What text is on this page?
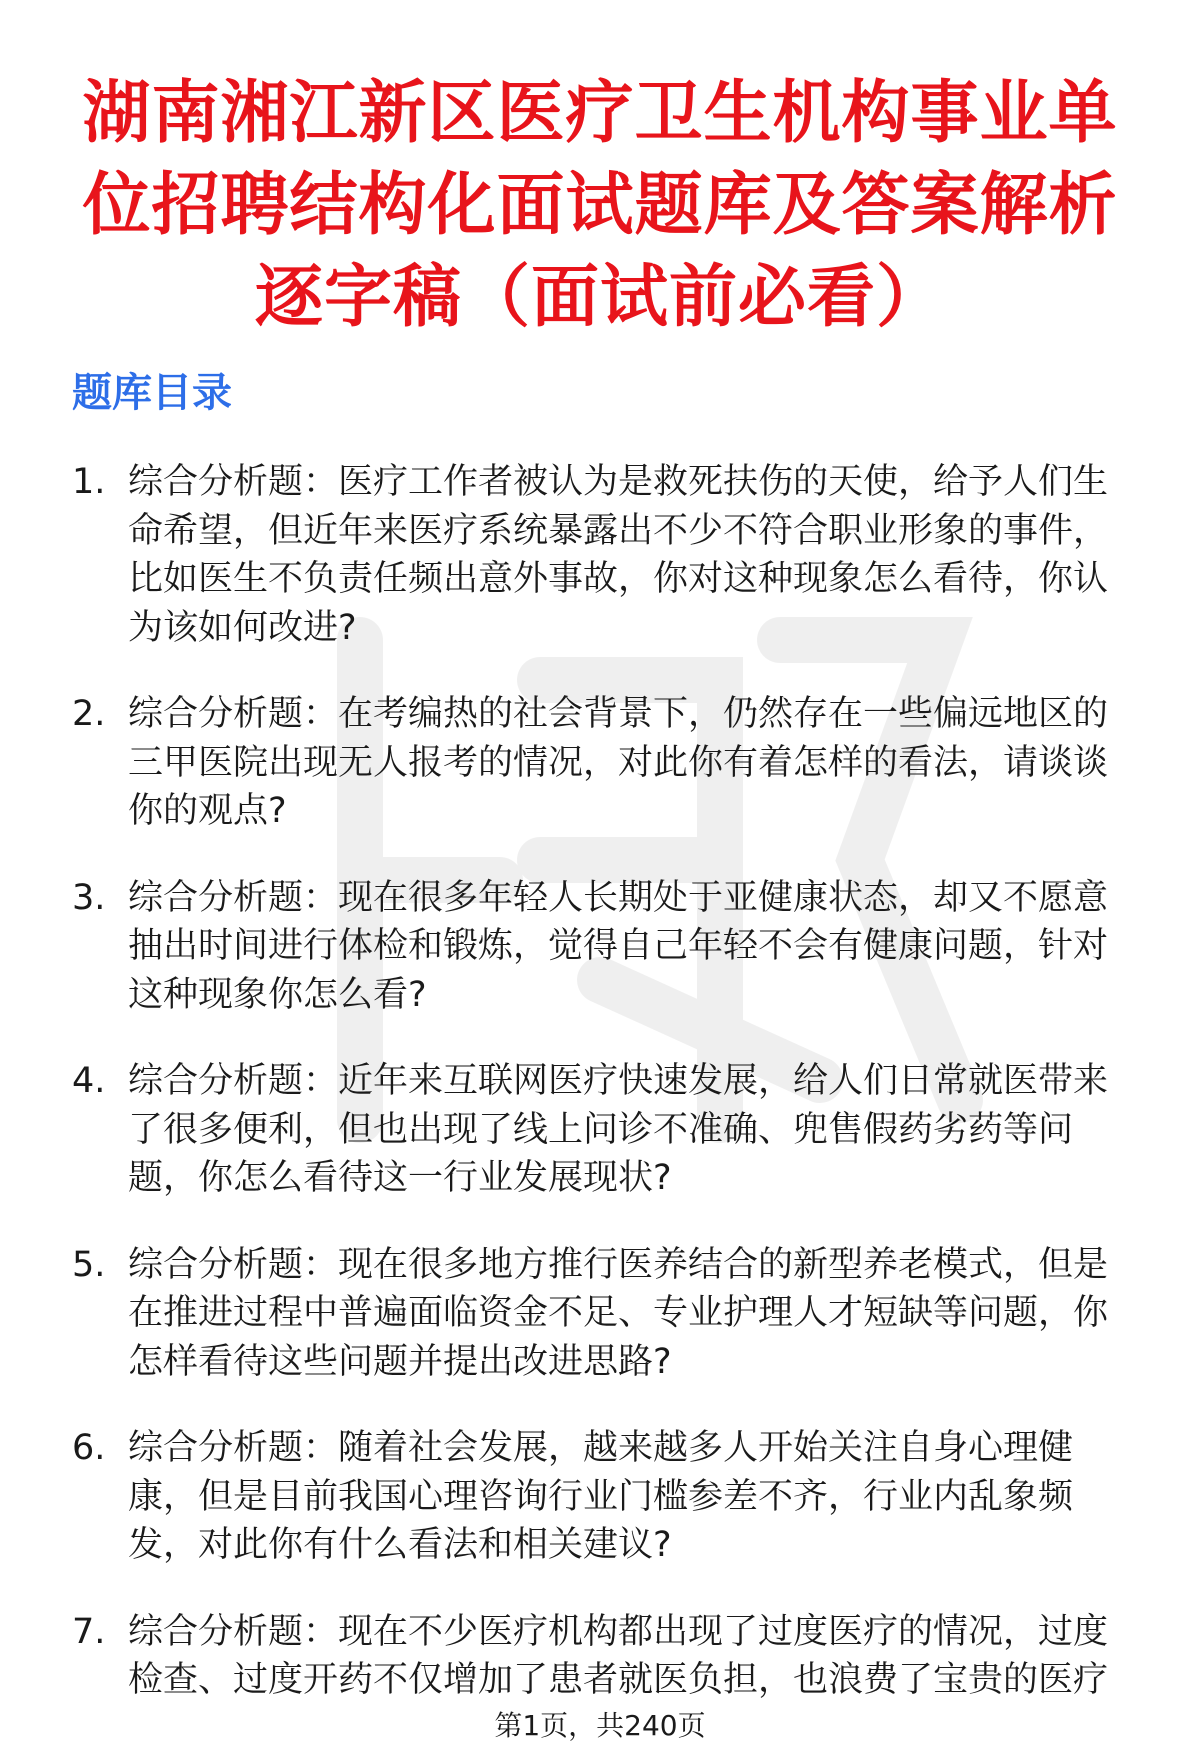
湖南湘江新区医疗卫生机构事业单位招聘结构化面试题库及答案解析逐字稿（面试前必看）
题库目录
1. 综合分析题：医疗工作者被认为是救死扶伤的天使，给予人们生命希望，但近年来医疗系统暴露出不少不符合职业形象的事件，比如医生不负责任频出意外事故，你对这种现象怎么看待，你认为该如何改进?
2. 综合分析题：在考编热的社会背景下，仍然存在一些偏远地区的三甲医院出现无人报考的情况，对此你有着怎样的看法，请谈谈你的观点?
3. 综合分析题：现在很多年轻人长期处于亚健康状态，却又不愿意抽出时间进行体检和锻炼，觉得自己年轻不会有健康问题，针对这种现象你怎么看?
4. 综合分析题：近年来互联网医疗快速发展，给人们日常就医带来了很多便利，但也出现了线上问诊不准确、兜售假药劣药等问题，你怎么看待这一行业发展现状?
5. 综合分析题：现在很多地方推行医养结合的新型养老模式，但是在推进过程中普遍面临资金不足、专业护理人才短缺等问题，你怎样看待这些问题并提出改进思路?
6. 综合分析题：随着社会发展，越来越多人开始关注自身心理健康，但是目前我国心理咨询行业门槛参差不齐，行业内乱象频发，对此你有什么看法和相关建议?
7. 综合分析题：现在不少医疗机构都出现了过度医疗的情况，过度检查、过度开药不仅增加了患者就医负担，也浪费了宝贵的医疗
第1页，共240页
